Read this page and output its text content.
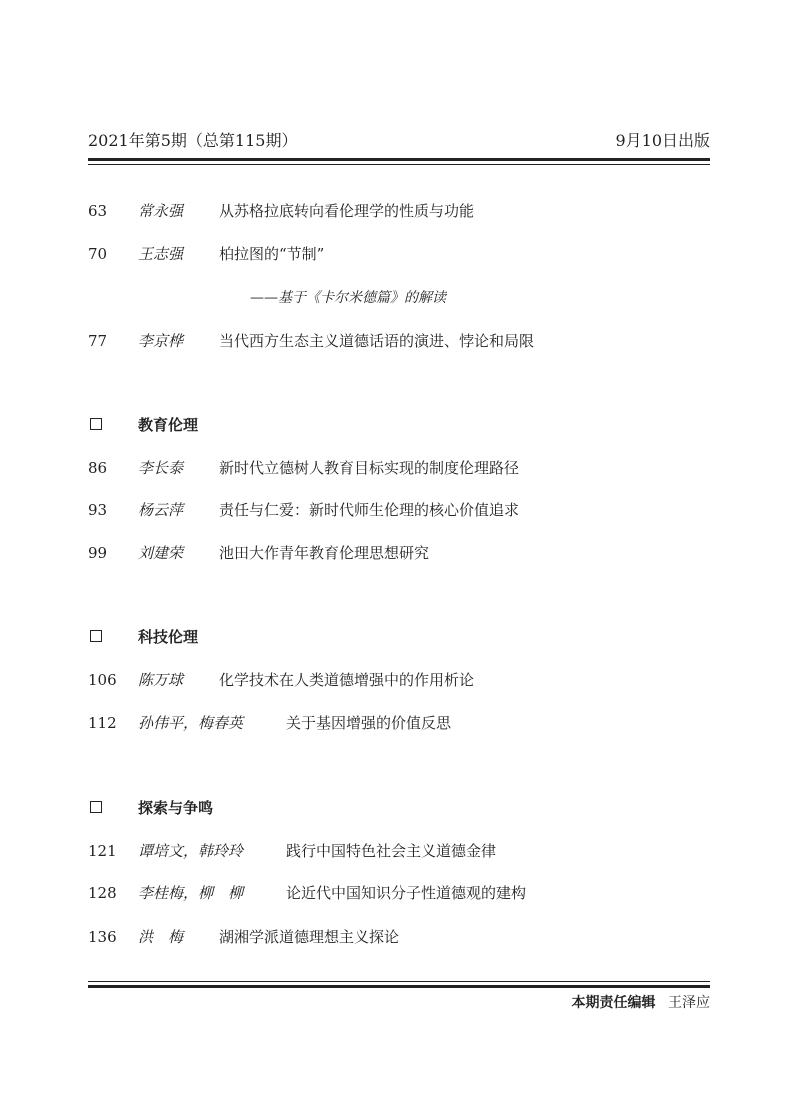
2021年第5期（总第115期）	9月10日出版
63	常永强 从苏格拉底转向看伦理学的性质与功能
70	王志强 柏拉图的“节制”
——基于《卡尔米德篇》的解读
77	李京桦 当代西方生态主义道德话语的演进、悖论和局限
教育伦理
86	李长泰 新时代立德树人教育目标实现的制度伦理路径
93	杨云萍 责任与仁爱：新时代师生伦理的核心价值追求
99	刘建荣 池田大作青年教育伦理思想研究
科技伦理
106	陈万球 化学技术在人类道德增强中的作用析论
112	孙伟平，梅春英	关于基因增强的价值反思
探索与争鸣
121	谭培文，韩玲玲	践行中国特色社会主义道德金律
128	李桂梅，柳　柳	论近代中国知识分子性道德观的建构
136	洪　梅 湖湘学派道德理想主义探论
本期责任编辑 王泽应
